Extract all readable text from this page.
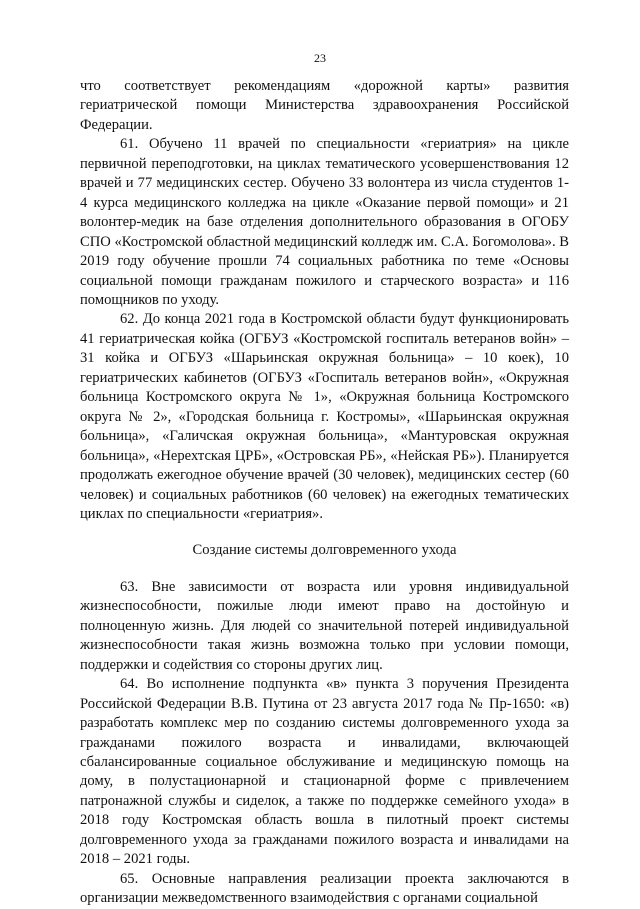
23

что соответствует рекомендациям «дорожной карты» развития гериатрической помощи Министерства здравоохранения Российской Федерации.

61. Обучено 11 врачей по специальности «гериатрия» на цикле первичной переподготовки, на циклах тематического усовершенствования 12 врачей и 77 медицинских сестер. Обучено 33 волонтера из числа студентов 1-4 курса медицинского колледжа на цикле «Оказание первой помощи» и 21 волонтер-медик на базе отделения дополнительного образования в ОГОБУ СПО «Костромской областной медицинский колледж им. С.А. Богомолова». В 2019 году обучение прошли 74 социальных работника по теме «Основы социальной помощи гражданам пожилого и старческого возраста» и 116 помощников по уходу.

62. До конца 2021 года в Костромской области будут функционировать 41 гериатрическая койка (ОГБУЗ «Костромской госпиталь ветеранов войн» – 31 койка и ОГБУЗ «Шарьинская окружная больница» – 10 коек), 10 гериатрических кабинетов (ОГБУЗ «Госпиталь ветеранов войн», «Окружная больница Костромского округа № 1», «Окружная больница Костромского округа № 2», «Городская больница г. Костромы», «Шарьинская окружная больница», «Галичская окружная больница», «Мантуровская окружная больница», «Нерехтская ЦРБ», «Островская РБ», «Нейская РБ»). Планируется продолжать ежегодное обучение врачей (30 человек), медицинских сестер (60 человек) и социальных работников (60 человек) на ежегодных тематических циклах по специальности «гериатрия».

Создание системы долговременного ухода

63. Вне зависимости от возраста или уровня индивидуальной жизнеспособности, пожилые люди имеют право на достойную и полноценную жизнь. Для людей со значительной потерей индивидуальной жизнеспособности такая жизнь возможна только при условии помощи, поддержки и содействия со стороны других лиц.

64. Во исполнение подпункта «в» пункта 3 поручения Президента Российской Федерации В.В. Путина от 23 августа 2017 года № Пр-1650: «в) разработать комплекс мер по созданию системы долговременного ухода за гражданами пожилого возраста и инвалидами, включающей сбалансированные социальное обслуживание и медицинскую помощь на дому, в полустационарной и стационарной форме с привлечением патронажной службы и сиделок, а также по поддержке семейного ухода» в 2018 году Костромская область вошла в пилотный проект системы долговременного ухода за гражданами пожилого возраста и инвалидами на 2018 – 2021 годы.

65. Основные направления реализации проекта заключаются в организации межведомственного взаимодействия с органами социальной
